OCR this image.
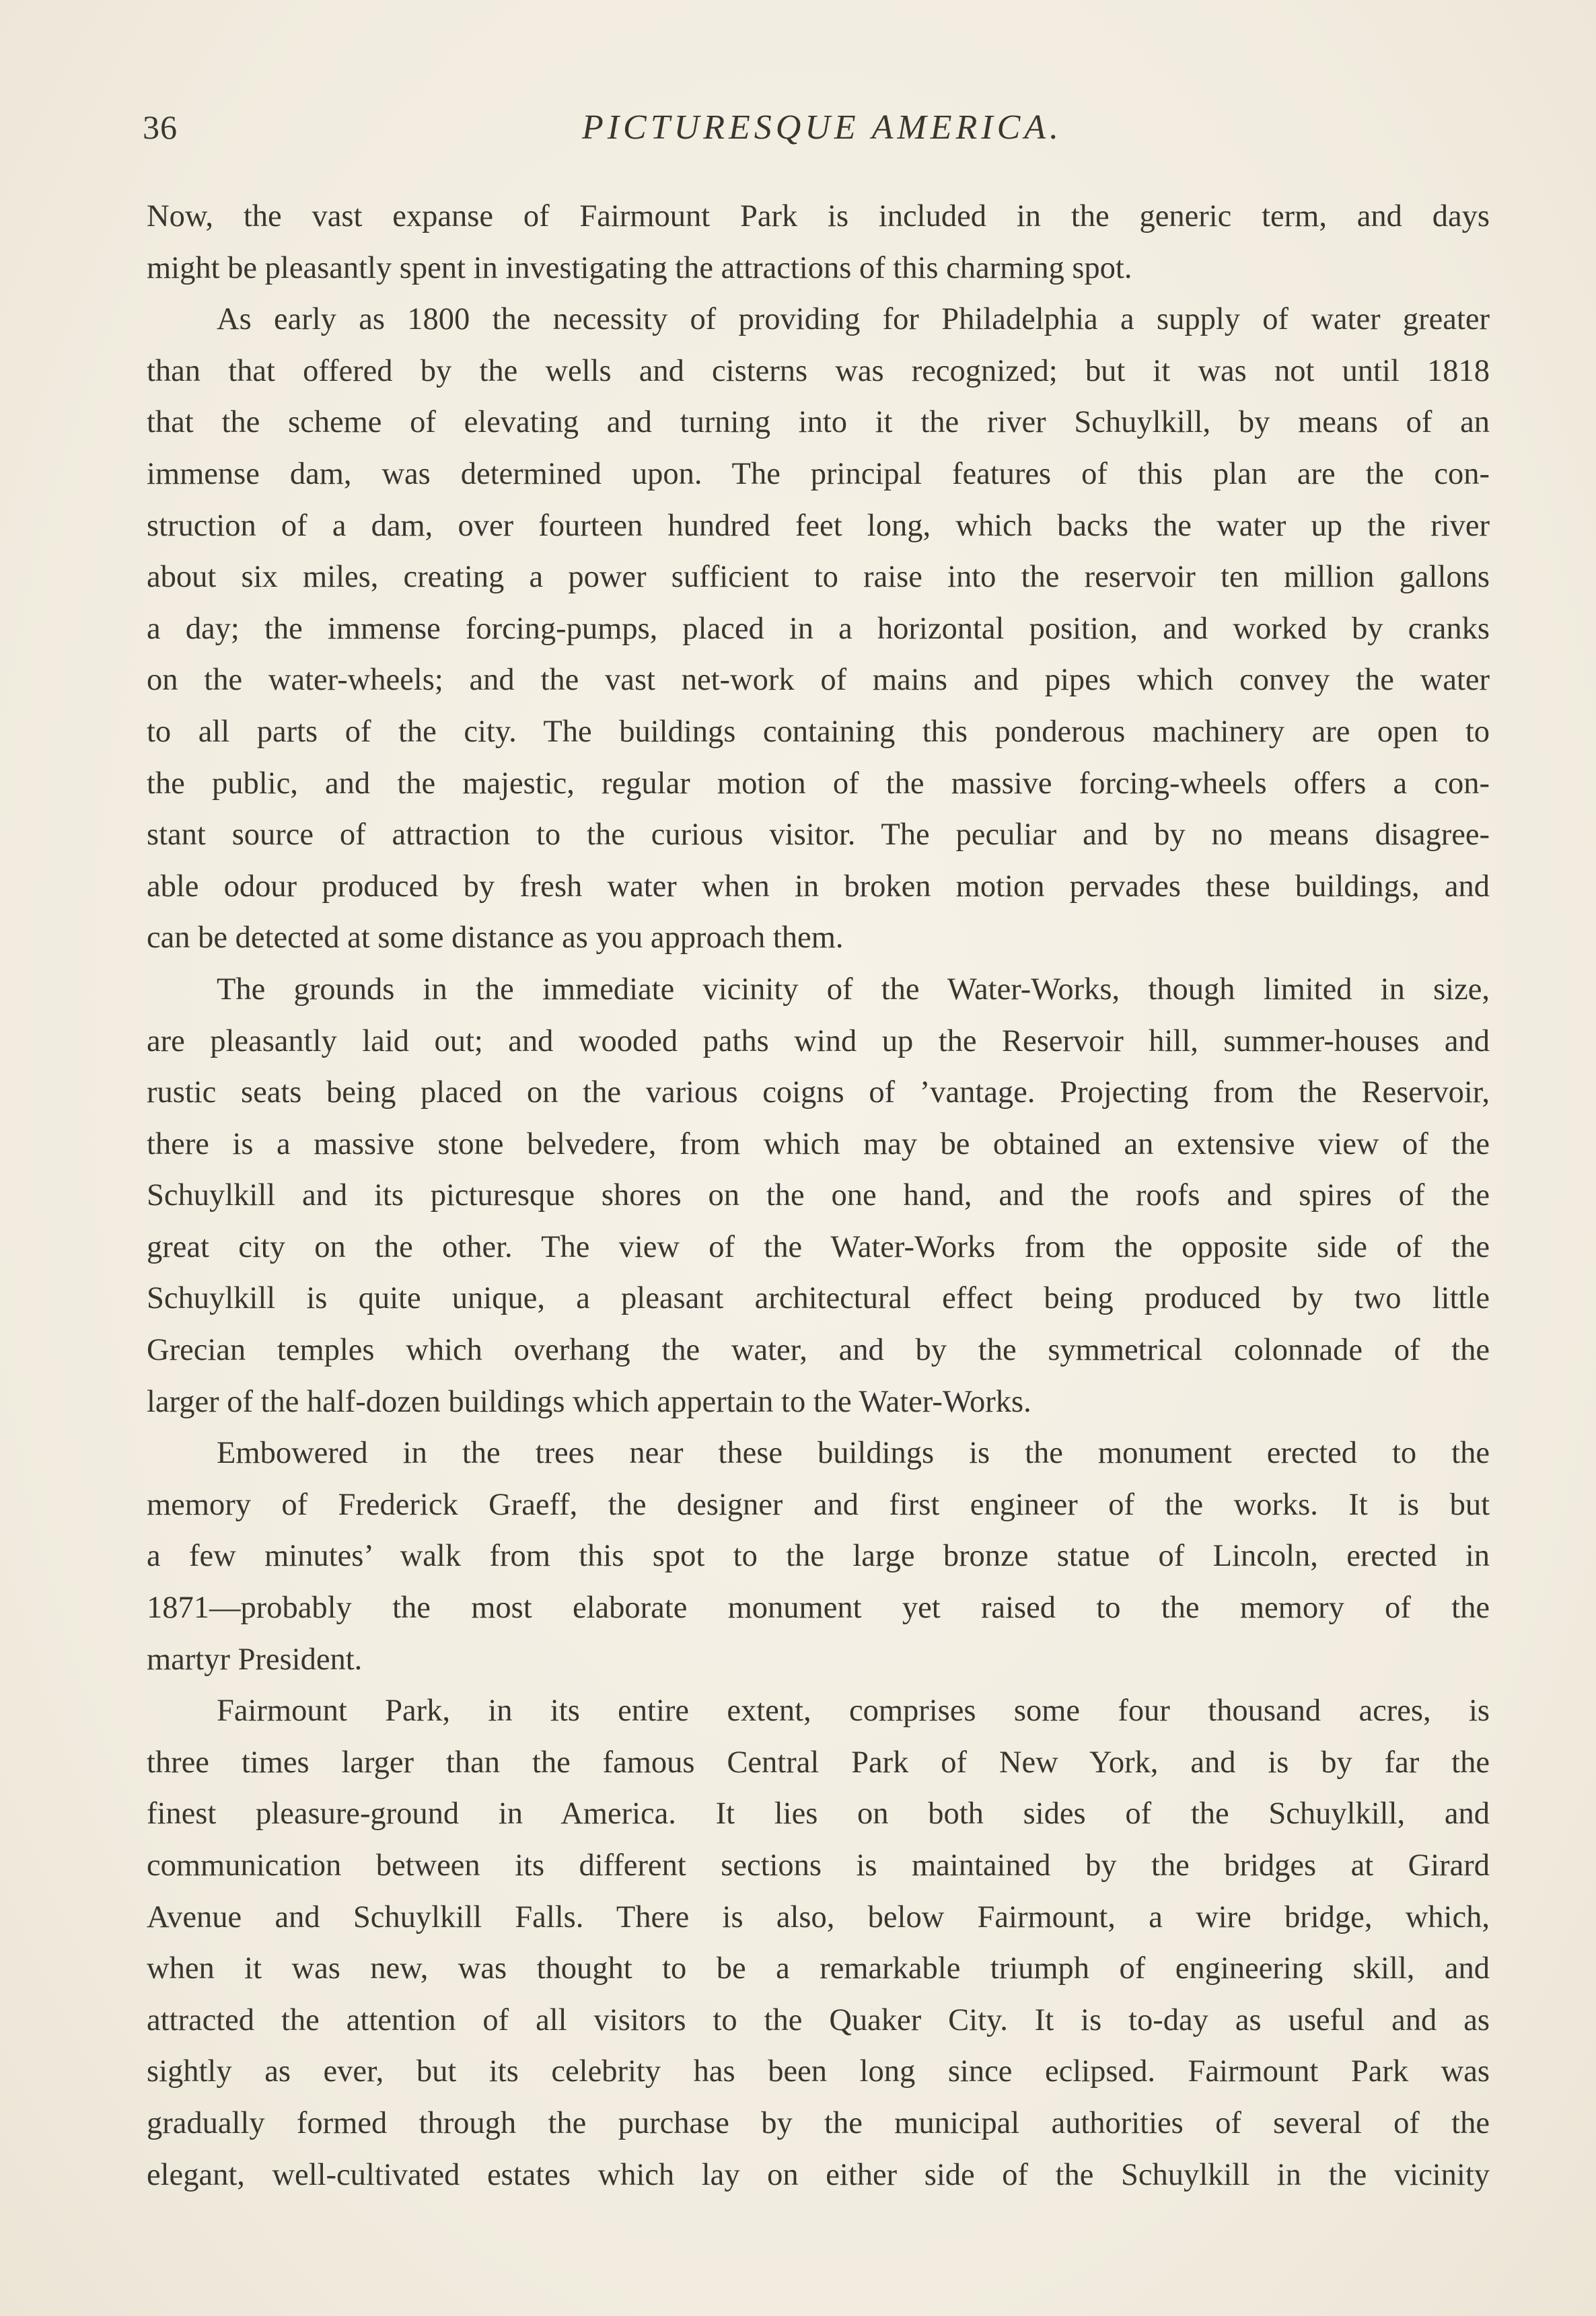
36	PICTURESQUE AMERICA.

Now, the vast expanse of Fairmount Park is included in the generic term, and days

might be pleasantly spent in investigating the attractions of this charming spot.

As early as 1800 the necessity of providing for Philadelphia a supply of water greater

than that offered by the wells and cisterns was recognized; but it was not until 1818

that the scheme of elevating and turning into it the river Schuylkill, by means of an

immense dam, was determined upon. The principal features of this plan are the con-

struction of a dam, over fourteen hundred feet long, which backs the water up the river

about six miles, creating a power sufficient to raise into the reservoir ten million gallons

a day; the immense forcing-pumps, placed in a horizontal position, and worked by cranks

on the water-wheels; and the vast net-work of mains and pipes which convey the water

to all parts of the city. The buildings containing this ponderous machinery are open to

the public, and the majestic, regular motion of the massive forcing-wheels offers a con-

stant source of attraction to the curious visitor. The peculiar and by no means disagree-

able odour produced by fresh water when in broken motion pervades these buildings, and

can be detected at some distance as you approach them.

The grounds in the immediate vicinity of the Water-Works, though limited in size,

are pleasantly laid out; and wooded paths wind up the Reservoir hill, summer-houses and

rustic seats being placed on the various coigns of ’vantage. Projecting from the Reservoir,

there is a massive stone belvedere, from which may be obtained an extensive view of the

Schuylkill and its picturesque shores on the one hand, and the roofs and spires of the

great city on the other. The view of the Water-Works from the opposite side of the

Schuylkill is quite unique, a pleasant architectural effect being produced by two little

Grecian temples which overhang the water, and by the symmetrical colonnade of the

larger of the half-dozen buildings which appertain to the Water-Works.

Embowered in the trees near these buildings is the monument erected to the

memory of Frederick Graeff, the designer and first engineer of the works. It is but

a few minutes’ walk from this spot to the large bronze statue of Lincoln, erected in

1871—probably the most elaborate monument yet raised to the memory of the

martyr President.

Fairmount Park, in its entire extent, comprises some four thousand acres, is

three times larger than the famous Central Park of New York, and is by far the

finest pleasure-ground in America. It lies on both sides of the Schuylkill, and

communication between its different sections is maintained by the bridges at Girard

Avenue and Schuylkill Falls. There is also, below Fairmount, a wire bridge, which,

when it was new, was thought to be a remarkable triumph of engineering skill, and

attracted the attention of all visitors to the Quaker City. It is to-day as useful and as

sightly as ever, but its celebrity has been long since eclipsed. Fairmount Park was

gradually formed through the purchase by the municipal authorities of several of the

elegant, well-cultivated estates which lay on either side of the Schuylkill in the vicinity
